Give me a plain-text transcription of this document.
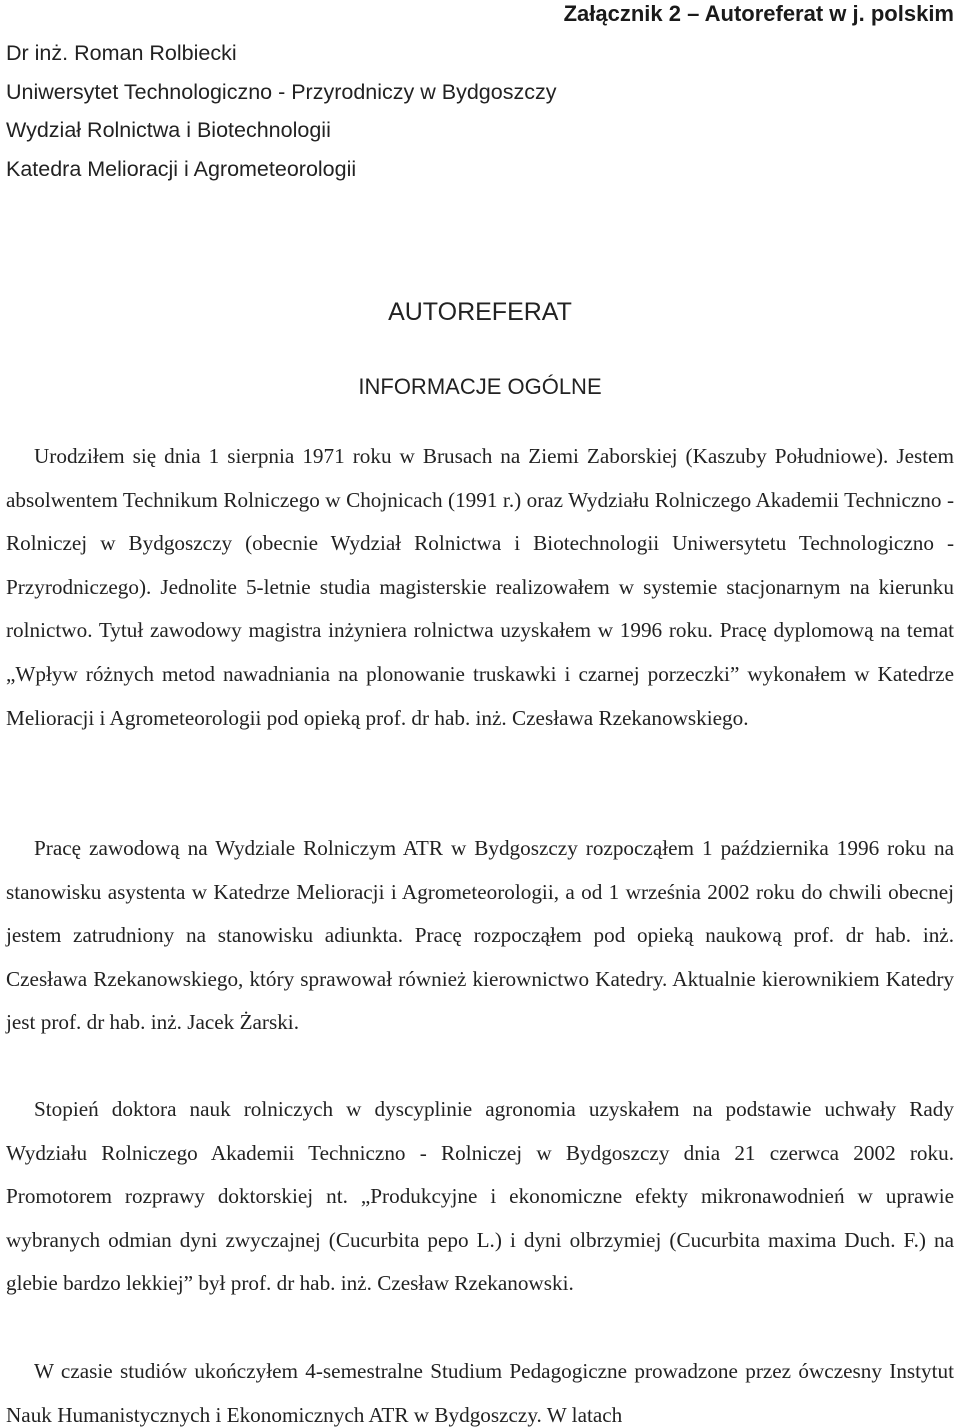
Załącznik 2 – Autoreferat w j. polskim
Dr inż. Roman Rolbiecki
Uniwersytet Technologiczno - Przyrodniczy w Bydgoszczy
Wydział Rolnictwa i Biotechnologii
Katedra Melioracji i Agrometeorologii
AUTOREFERAT
INFORMACJE OGÓLNE

Urodziłem się dnia 1 sierpnia 1971 roku w Brusach na Ziemi Zaborskiej (Kaszuby Południowe). Jestem absolwentem Technikum Rolniczego w Chojnicach (1991 r.) oraz Wydziału Rolniczego Akademii Techniczno - Rolniczej w Bydgoszczy (obecnie Wydział Rolnictwa i Biotechnologii Uniwersytetu Technologiczno - Przyrodniczego). Jednolite 5-letnie studia magisterskie realizowałem w systemie stacjonarnym na kierunku rolnictwo. Tytuł zawodowy magistra inżyniera rolnictwa uzyskałem w 1996 roku. Pracę dyplomową na temat „Wpływ różnych metod nawadniania na plonowanie truskawki i czarnej porzeczki” wykonałem w Katedrze Melioracji i Agrometeorologii pod opieką prof. dr hab. inż. Czesława Rzekanowskiego.

Pracę zawodową na Wydziale Rolniczym ATR w Bydgoszczy rozpocząłem 1 października 1996 roku na stanowisku asystenta w Katedrze Melioracji i Agrometeorologii, a od 1 września 2002 roku do chwili obecnej jestem zatrudniony na stanowisku adiunkta. Pracę rozpocząłem pod opieką naukową prof. dr hab. inż. Czesława Rzekanowskiego, który sprawował również kierownictwo Katedry. Aktualnie kierownikiem Katedry jest prof. dr hab. inż. Jacek Żarski.

Stopień doktora nauk rolniczych w dyscyplinie agronomia uzyskałem na podstawie uchwały Rady Wydziału Rolniczego Akademii Techniczno - Rolniczej w Bydgoszczy dnia 21 czerwca 2002 roku. Promotorem rozprawy doktorskiej nt. „Produkcyjne i ekonomiczne efekty mikronawodnień w uprawie wybranych odmian dyni zwyczajnej (Cucurbita pepo L.) i dyni olbrzymiej (Cucurbita maxima Duch. F.) na glebie bardzo lekkiej” był prof. dr hab. inż. Czesław Rzekanowski.

W czasie studiów ukończyłem 4-semestralne Studium Pedagogiczne prowadzone przez ówczesny Instytut Nauk Humanistycznych i Ekonomicznych ATR w Bydgoszczy. W latach
